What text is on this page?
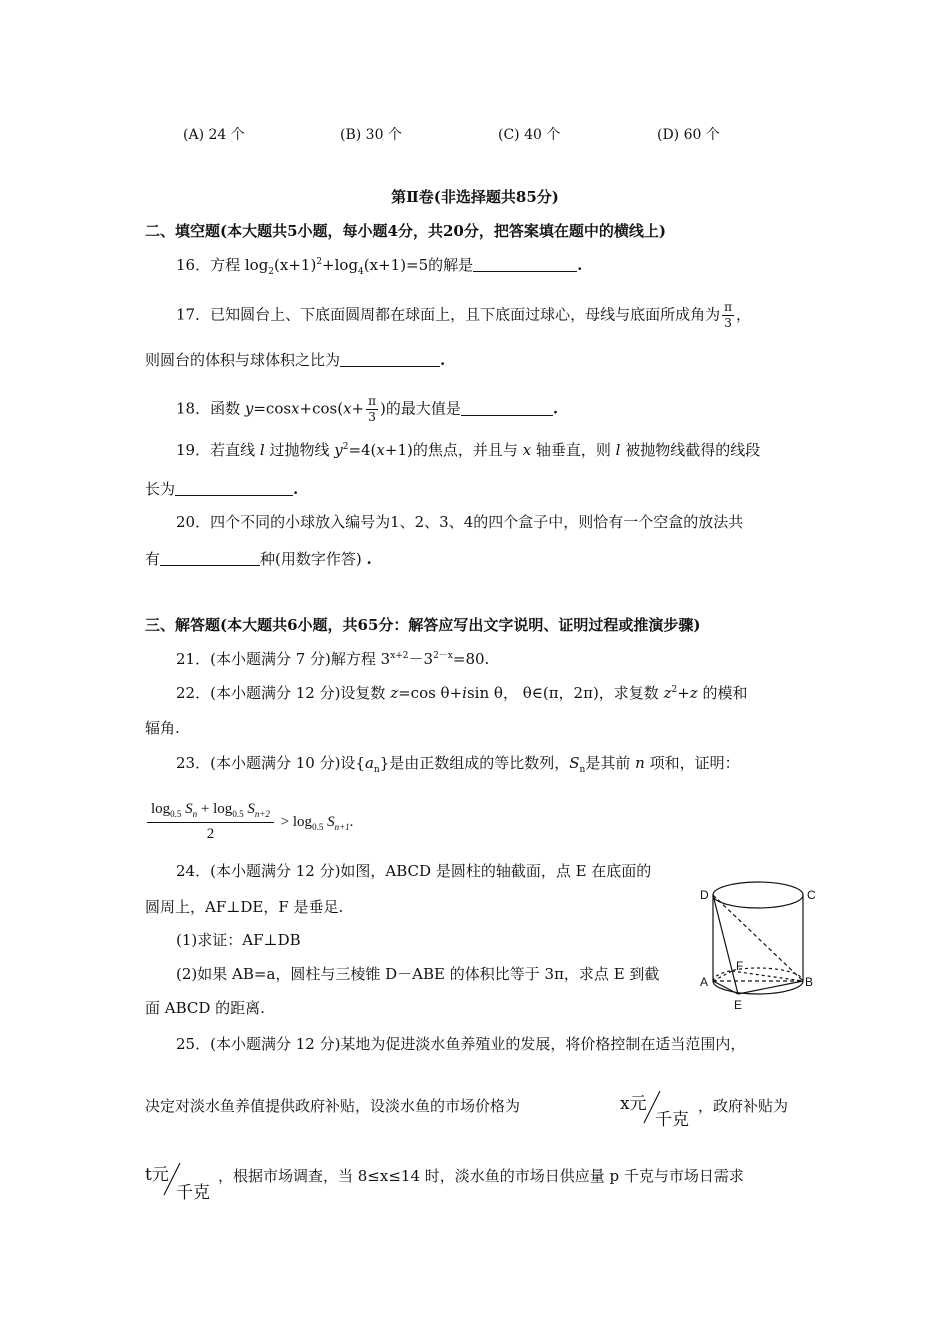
(A) 24 个	(B) 30 个	(C) 40 个	(D) 60 个
第Ⅱ卷(非选择题共85分)
二、填空题(本大题共5小题，每小题4分，共20分，把答案填在题中的横线上)
16．方程 $\log_2(x+1)^2+\log_4(x+1)=5$的解是	.
17．已知圆台上、下底面圆周都在球面上，且下底面过球心，母线与底面所成角为 $\frac{\pi}{3}$ ，
则圆台的体积与球体积之比为	.
18．函数 $y=\cos x+\cos(x+ \frac{\pi}{3}$ )的最大值是	.
19．若直线 l 过抛物线 $y^2=4(x+1)$的焦点，并且与 x 轴垂直，则 l 被抛物线截得的线段
长为	.
20．四个不同的小球放入编号为1、2、3、4的四个盒子中，则恰有一个空盒的放法共
有	种(用数字作答) .
三、解答题(本大题共6小题，共65分：解答应写出文字说明、证明过程或推演步骤)
21．(本小题满分 7 分)解方程 $3^{x+2}-3^{2-x}=80$.
22．(本小题满分 12 分)设复数 z=cos θ+isin θ， θ∈(π，2π)，求复数 $z^2+z$ 的模和
辐角.
23．(本小题满分 10 分)设$\{a_n\}$是由正数组成的等比数列，$S_n$是其前 n 项和，证明：
$\frac{\log_{0.5} S_n + \log_{0.5} S_{n+2}}{2} > \log_{0.5} S_{n+1}$.
24．(本小题满分 12 分)如图，ABCD 是圆柱的轴截面，点 E 在底面的
圆周上，AF⊥DE，F 是垂足.
(1)求证：AF⊥DB
(2)如果 AB=a，圆柱与三棱锥 D－ABE 的体积比等于 3π，求点 E 到截
面 ABCD 的距离.
D	C
A	B
F
E
25．(本小题满分 12 分)某地为促进淡水鱼养殖业的发展，将价格控制在适当范围内，
决定对淡水鱼养值提供政府补贴，设淡水鱼的市场价格为	x元
千克
，政府补贴为
t元
千克
，根据市场调查，当 8≤x≤14 时，淡水鱼的市场日供应量 p 千克与市场日需求
